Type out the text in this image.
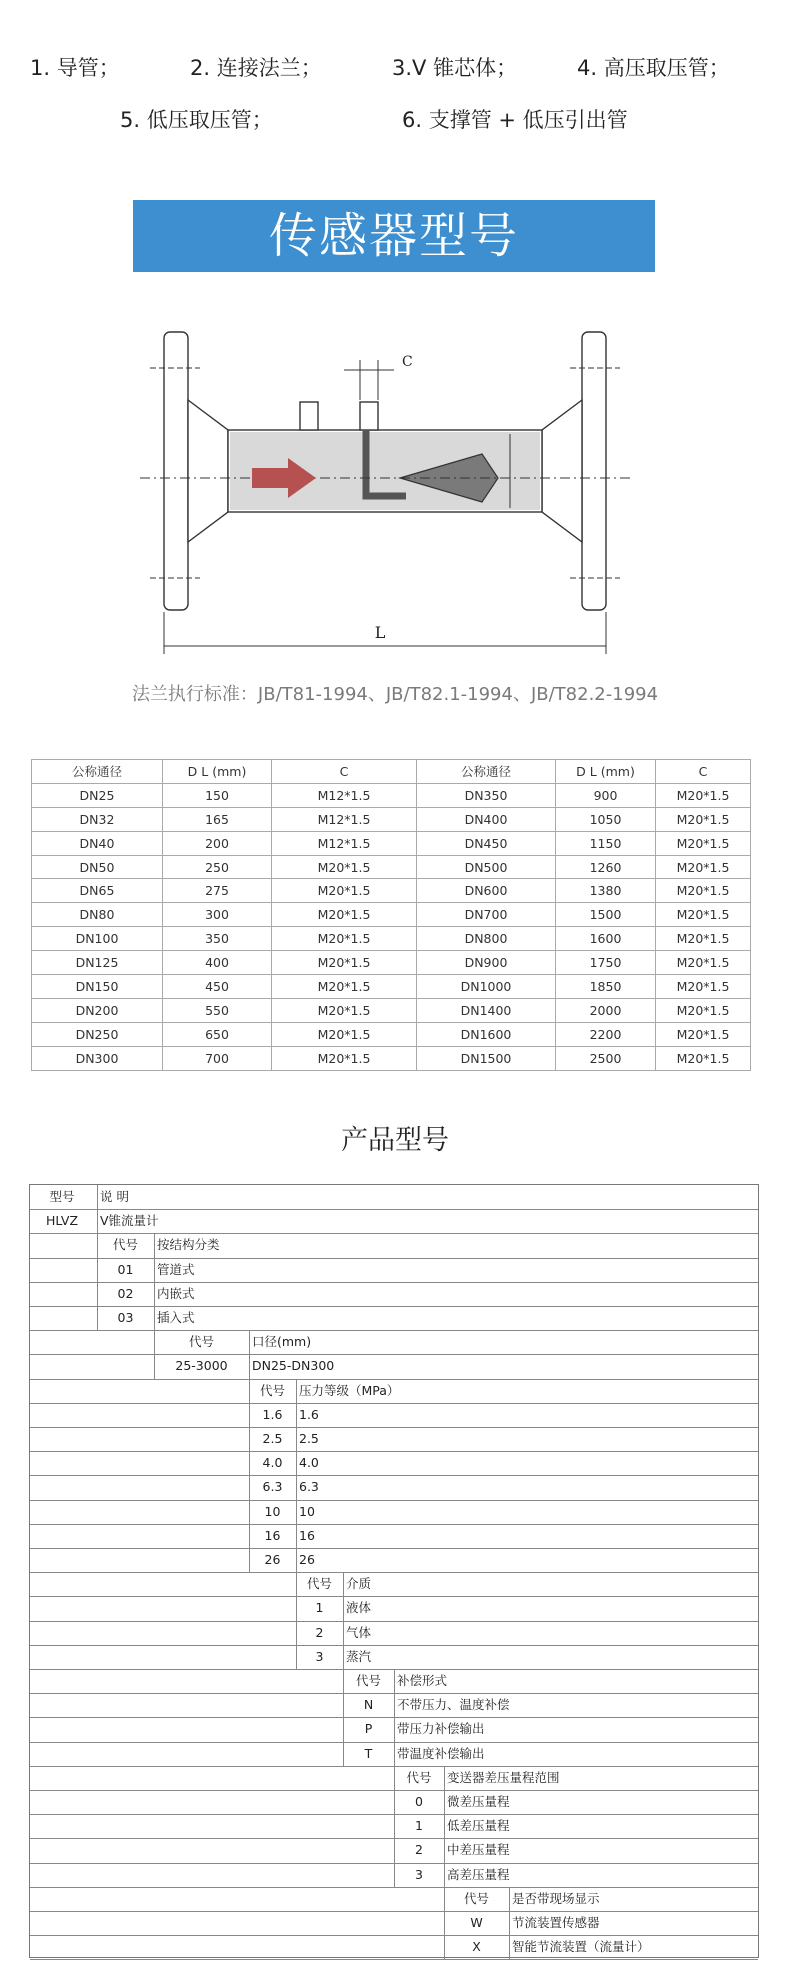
1. 导管；	2. 连接法兰；	3.V 锥芯体；	4. 高压取压管；
5. 低压取压管；	6. 支撑管 + 低压引出管
传感器型号
C
L
法兰执行标准：JB/T81-1994、JB/T82.1-1994、JB/T82.2-1994
公称通径	D L (mm)	C	公称通径	D L (mm)	C
DN25	150	M12*1.5	DN350	900	M20*1.5
DN32	165	M12*1.5	DN400	1050	M20*1.5
DN40	200	M12*1.5	DN450	1150	M20*1.5
DN50	250	M20*1.5	DN500	1260	M20*1.5
DN65	275	M20*1.5	DN600	1380	M20*1.5
DN80	300	M20*1.5	DN700	1500	M20*1.5
DN100	350	M20*1.5	DN800	1600	M20*1.5
DN125	400	M20*1.5	DN900	1750	M20*1.5
DN150	450	M20*1.5	DN1000	1850	M20*1.5
DN200	550	M20*1.5	DN1400	2000	M20*1.5
DN250	650	M20*1.5	DN1600	2200	M20*1.5
DN300	700	M20*1.5	DN1500	2500	M20*1.5
产品型号
型号	说 明
HLVZ	V锥流量计
代号	按结构分类
01	管道式
02	内嵌式
03	插入式
代号	口径(mm)
25-3000	DN25-DN300
代号	压力等级（MPa）
1.6	1.6
2.5	2.5
4.0	4.0
6.3	6.3
10	10
16	16
26	26
代号	介质
1	液体
2	气体
3	蒸汽
代号	补偿形式
N	不带压力、温度补偿
P	带压力补偿输出
T	带温度补偿输出
代号	变送器差压量程范围
0	微差压量程
1	低差压量程
2	中差压量程
3	高差压量程
代号	是否带现场显示
W	节流装置传感器
X	智能节流装置（流量计）
